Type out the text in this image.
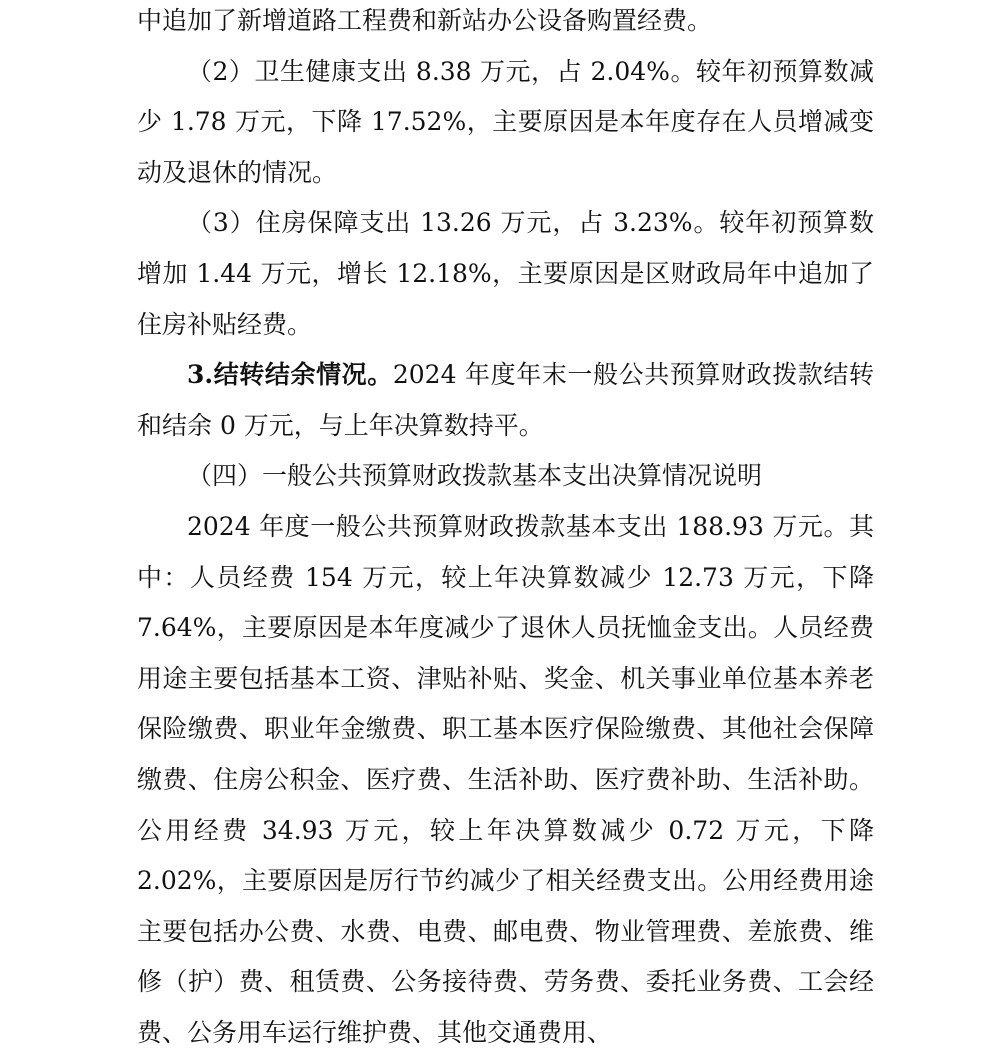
中追加了新增道路工程费和新站办公设备购置经费。

（2）卫生健康支出 8.38 万元，占 2.04%。较年初预算数减少 1.78 万元，下降 17.52%，主要原因是本年度存在人员增减变动及退休的情况。

（3）住房保障支出 13.26 万元，占 3.23%。较年初预算数增加 1.44 万元，增长 12.18%，主要原因是区财政局年中追加了住房补贴经费。

3.结转结余情况。2024 年度年末一般公共预算财政拨款结转和结余 0 万元，与上年决算数持平。

（四）一般公共预算财政拨款基本支出决算情况说明

2024 年度一般公共预算财政拨款基本支出 188.93 万元。其中：人员经费 154 万元，较上年决算数减少 12.73 万元，下降 7.64%，主要原因是本年度减少了退休人员抚恤金支出。人员经费用途主要包括基本工资、津贴补贴、奖金、机关事业单位基本养老保险缴费、职业年金缴费、职工基本医疗保险缴费、其他社会保障缴费、住房公积金、医疗费、生活补助、医疗费补助、生活补助。公用经费 34.93 万元，较上年决算数减少 0.72 万元，下降 2.02%，主要原因是厉行节约减少了相关经费支出。公用经费用途主要包括办公费、水费、电费、邮电费、物业管理费、差旅费、维修（护）费、租赁费、公务接待费、劳务费、委托业务费、工会经费、公务用车运行维护费、其他交通费用、
